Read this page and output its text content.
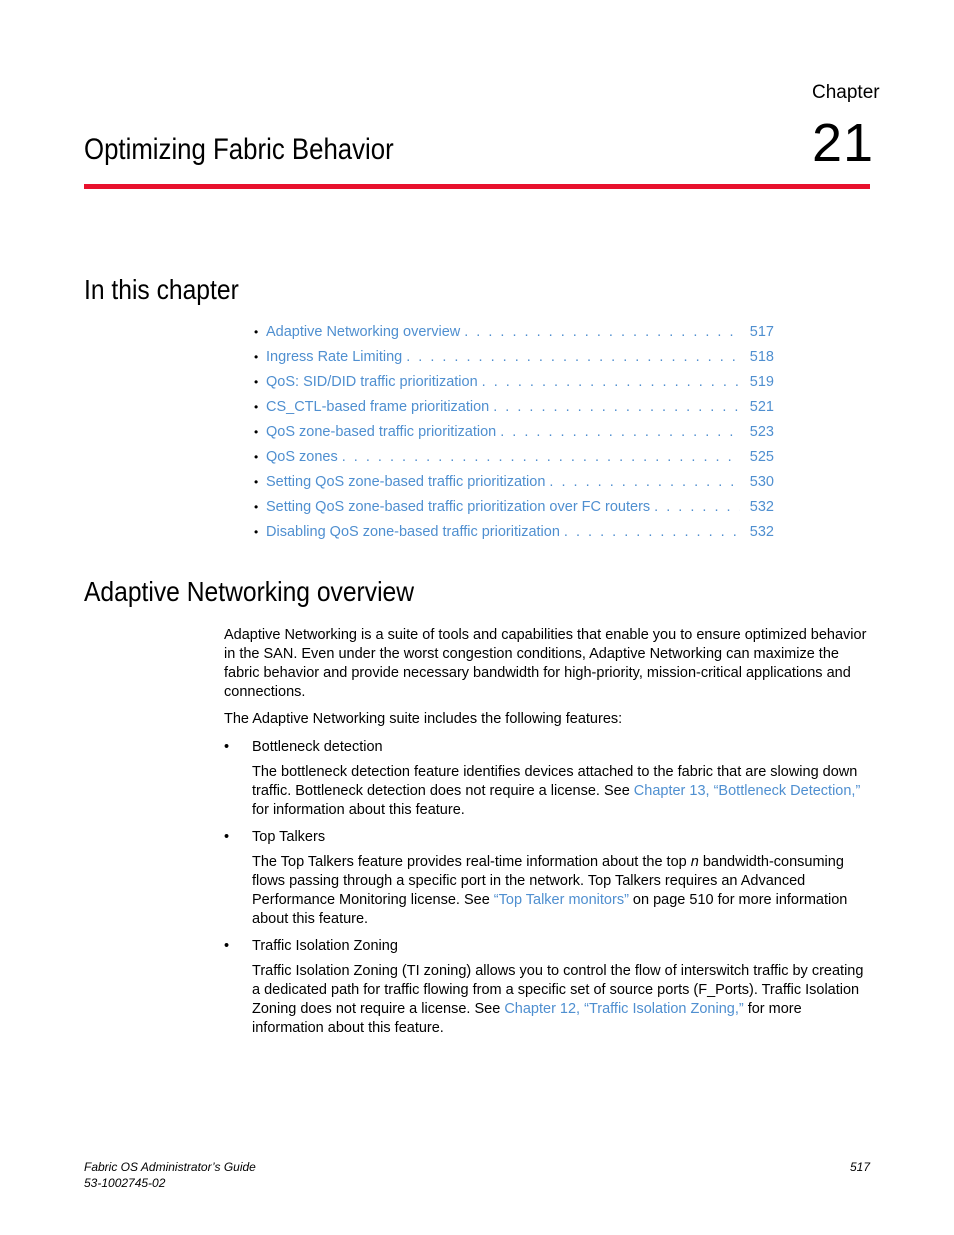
Chapter
21
Optimizing Fabric Behavior
In this chapter
• Adaptive Networking overview . . .	517
• Ingress Rate Limiting . . .	518
• QoS: SID/DID traffic prioritization . . .	519
• CS_CTL-based frame prioritization . . .	521
• QoS zone-based traffic prioritization . . .	523
• QoS zones . . .	525
• Setting QoS zone-based traffic prioritization . . .	530
• Setting QoS zone-based traffic prioritization over FC routers . . .	532
• Disabling QoS zone-based traffic prioritization . . .	532
Adaptive Networking overview

Adaptive Networking is a suite of tools and capabilities that enable you to ensure optimized behavior in the SAN. Even under the worst congestion conditions, Adaptive Networking can maximize the fabric behavior and provide necessary bandwidth for high-priority, mission-critical applications and connections.

The Adaptive Networking suite includes the following features:

• Bottleneck detection
The bottleneck detection feature identifies devices attached to the fabric that are slowing down traffic. Bottleneck detection does not require a license. See Chapter 13, “Bottleneck Detection,” for information about this feature.
• Top Talkers
The Top Talkers feature provides real-time information about the top n bandwidth-consuming flows passing through a specific port in the network. Top Talkers requires an Advanced Performance Monitoring license. See “Top Talker monitors” on page 510 for more information about this feature.
• Traffic Isolation Zoning
Traffic Isolation Zoning (TI zoning) allows you to control the flow of interswitch traffic by creating a dedicated path for traffic flowing from a specific set of source ports (F_Ports). Traffic Isolation Zoning does not require a license. See Chapter 12, “Traffic Isolation Zoning,” for more information about this feature.
Fabric OS Administrator’s Guide
53-1002745-02
517
